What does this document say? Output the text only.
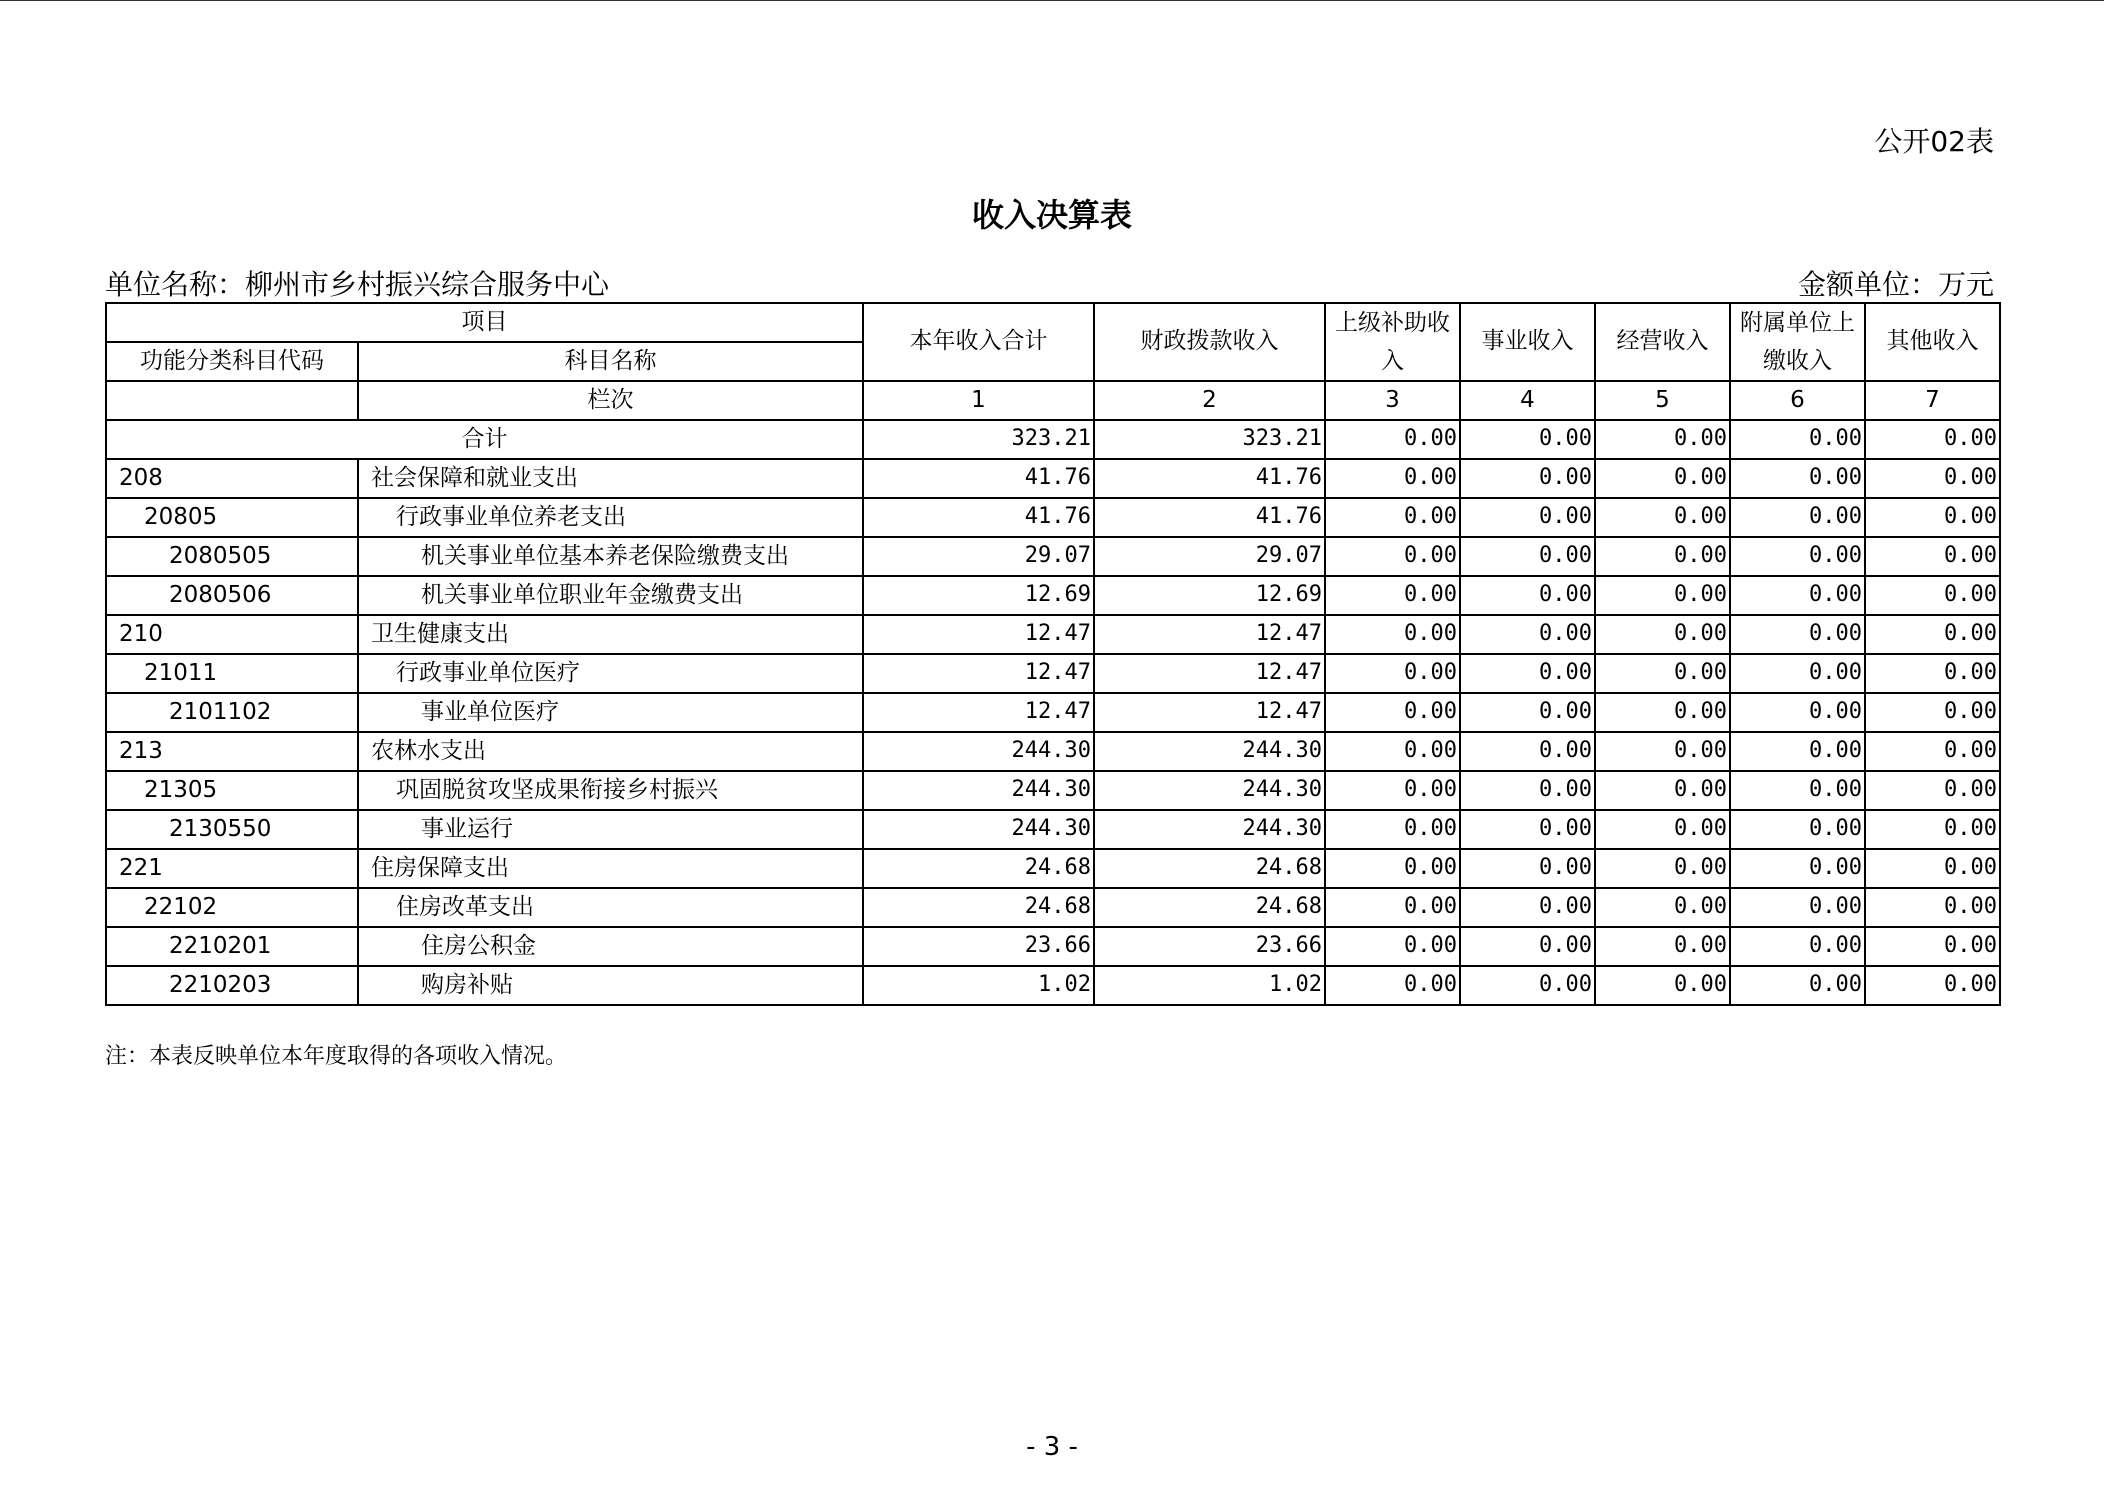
公开02表
收入决算表
单位名称：柳州市乡村振兴综合服务中心	金额单位：万元
项目		本年收入合计	财政拨款收入	上级补助收入	事业收入	经营收入	附属单位上缴收入	其他收入
功能分类科目代码	科目名称							
	栏次	1	2	3	4	5	6	7
合计		323.21	323.21	0.00	0.00	0.00	0.00	0.00
208	社会保障和就业支出	41.76	41.76	0.00	0.00	0.00	0.00	0.00
20805	行政事业单位养老支出	41.76	41.76	0.00	0.00	0.00	0.00	0.00
2080505	机关事业单位基本养老保险缴费支出	29.07	29.07	0.00	0.00	0.00	0.00	0.00
2080506	机关事业单位职业年金缴费支出	12.69	12.69	0.00	0.00	0.00	0.00	0.00
210	卫生健康支出	12.47	12.47	0.00	0.00	0.00	0.00	0.00
21011	行政事业单位医疗	12.47	12.47	0.00	0.00	0.00	0.00	0.00
2101102	事业单位医疗	12.47	12.47	0.00	0.00	0.00	0.00	0.00
213	农林水支出	244.30	244.30	0.00	0.00	0.00	0.00	0.00
21305	巩固脱贫攻坚成果衔接乡村振兴	244.30	244.30	0.00	0.00	0.00	0.00	0.00
2130550	事业运行	244.30	244.30	0.00	0.00	0.00	0.00	0.00
221	住房保障支出	24.68	24.68	0.00	0.00	0.00	0.00	0.00
22102	住房改革支出	24.68	24.68	0.00	0.00	0.00	0.00	0.00
2210201	住房公积金	23.66	23.66	0.00	0.00	0.00	0.00	0.00
2210203	购房补贴	1.02	1.02	0.00	0.00	0.00	0.00	0.00
注：本表反映单位本年度取得的各项收入情况。
- 3 -
